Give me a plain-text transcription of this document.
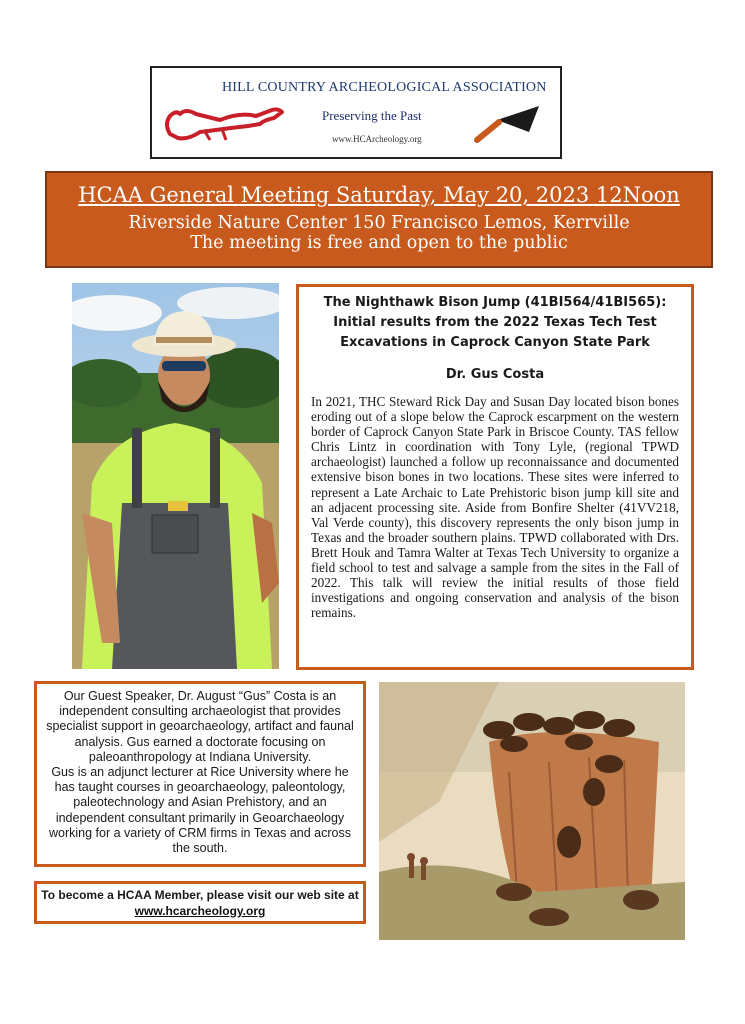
HILL COUNTRY ARCHEOLOGICAL ASSOCIATION
Preserving the Past
www.HCArcheology.org
HCAA General Meeting Saturday, May 20, 2023 12Noon
Riverside Nature Center 150 Francisco Lemos, Kerrville
The meeting is free and open to the public
The Nighthawk Bison Jump (41BI564/41BI565): Initial results from the 2022 Texas Tech Test Excavations in Caprock Canyon State Park
Dr. Gus Costa
In 2021, THC Steward Rick Day and Susan Day located bison bones eroding out of a slope below the Caprock escarpment on the western border of Caprock Canyon State Park in Briscoe County. TAS fellow Chris Lintz in coordination with Tony Lyle, (regional TPWD archaeologist) launched a follow up reconnaissance and documented extensive bison bones in two locations. These sites were inferred to represent a Late Archaic to Late Prehistoric bison jump kill site and an adjacent processing site. Aside from Bonfire Shelter (41VV218, Val Verde county), this discovery represents the only bison jump in Texas and the broader southern plains. TPWD collaborated with Drs. Brett Houk and Tamra Walter at Texas Tech University to organize a field school to test and salvage a sample from the sites in the Fall of 2022. This talk will review the initial results of those field investigations and ongoing conservation and analysis of the bison remains.
Our Guest Speaker, Dr. August “Gus” Costa is an independent consulting archaeologist that provides specialist support in geoarchaeology, artifact and faunal analysis. Gus earned a doctorate focusing on paleoanthropology at Indiana University.
Gus is an adjunct lecturer at Rice University where he has taught courses in geoarchaeology, paleontology, paleotechnology and Asian Prehistory, and an independent consultant primarily in Geoarchaeology working for a variety of CRM firms in Texas and across the south.
To become a HCAA Member, please visit our web site at www.hcarcheology.org
